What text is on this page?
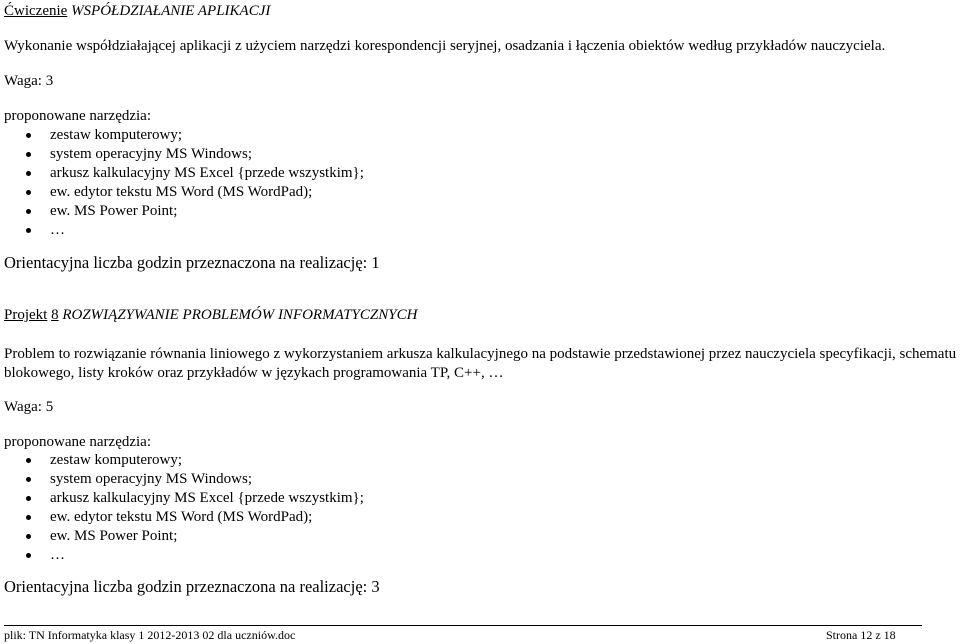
Ćwiczenie WSPÓŁDZIAŁANIE APLIKACJI
Wykonanie współdziałającej aplikacji z użyciem narzędzi korespondencji seryjnej, osadzania i łączenia obiektów według przykładów nauczyciela.
Waga: 3
proponowane narzędzia:
zestaw komputerowy;
system operacyjny MS Windows;
arkusz kalkulacyjny MS Excel {przede wszystkim};
ew. edytor tekstu MS Word (MS WordPad);
ew. MS Power Point;
…
Orientacyjna liczba godzin przeznaczona na realizację: 1
Projekt 8 ROZWIĄZYWANIE PROBLEMÓW INFORMATYCZNYCH
Problem to rozwiązanie równania liniowego z wykorzystaniem arkusza kalkulacyjnego na podstawie przedstawionej przez nauczyciela specyfikacji, schematu
blokowego, listy kroków oraz przykładów w językach programowania TP, C++, …
Waga: 5
proponowane narzędzia:
zestaw komputerowy;
system operacyjny MS Windows;
arkusz kalkulacyjny MS Excel {przede wszystkim};
ew. edytor tekstu MS Word (MS WordPad);
ew. MS Power Point;
…
Orientacyjna liczba godzin przeznaczona na realizację: 3
plik: TN Informatyka klasy 1 2012-2013 02 dla uczniów.doc	Strona 12 z 18
